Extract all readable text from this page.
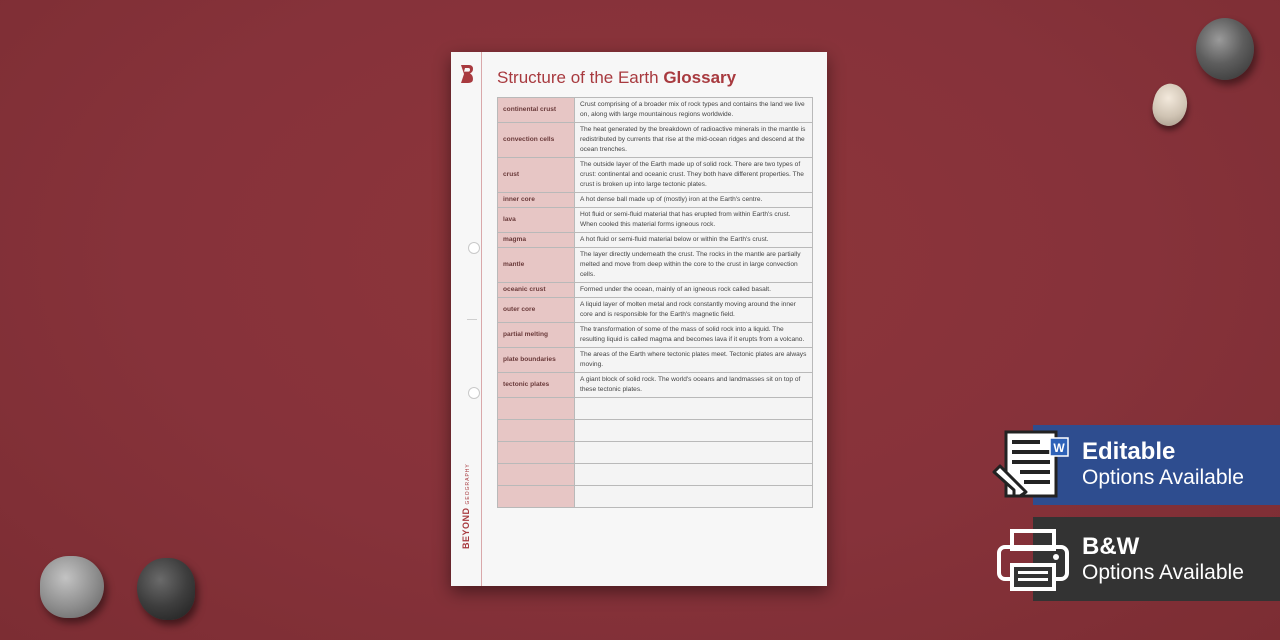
BEYONDGEOGRAPHY
Structure of the Earth Glossary
continental crust	Crust comprising of a broader mix of rock types and contains the land we live on, along with large mountainous regions worldwide.
convection cells	The heat generated by the breakdown of radioactive minerals in the mantle is redistributed by currents that rise at the mid-ocean ridges and descend at the ocean trenches.
crust	The outside layer of the Earth made up of solid rock. There are two types of crust: continental and oceanic crust. They both have different properties. The crust is broken up into large tectonic plates.
inner core	A hot dense ball made up of (mostly) iron at the Earth's centre.
lava	Hot fluid or semi-fluid material that has erupted from within Earth's crust. When cooled this material forms igneous rock.
magma	A hot fluid or semi-fluid material below or within the Earth's crust.
mantle	The layer directly underneath the crust. The rocks in the mantle are partially melted and move from deep within the core to the crust in large convection cells.
oceanic crust	Formed under the ocean, mainly of an igneous rock called basalt.
outer core	A liquid layer of molten metal and rock constantly moving around the inner core and is responsible for the Earth's magnetic field.
partial melting	The transformation of some of the mass of solid rock into a liquid. The resulting liquid is called magma and becomes lava if it erupts from a volcano.
plate boundaries	The areas of the Earth where tectonic plates meet. Tectonic plates are always moving.
tectonic plates	A giant block of solid rock. The world's oceans and landmasses sit on top of these tectonic plates.

W Editable
Options Available
B&W
Options Available
